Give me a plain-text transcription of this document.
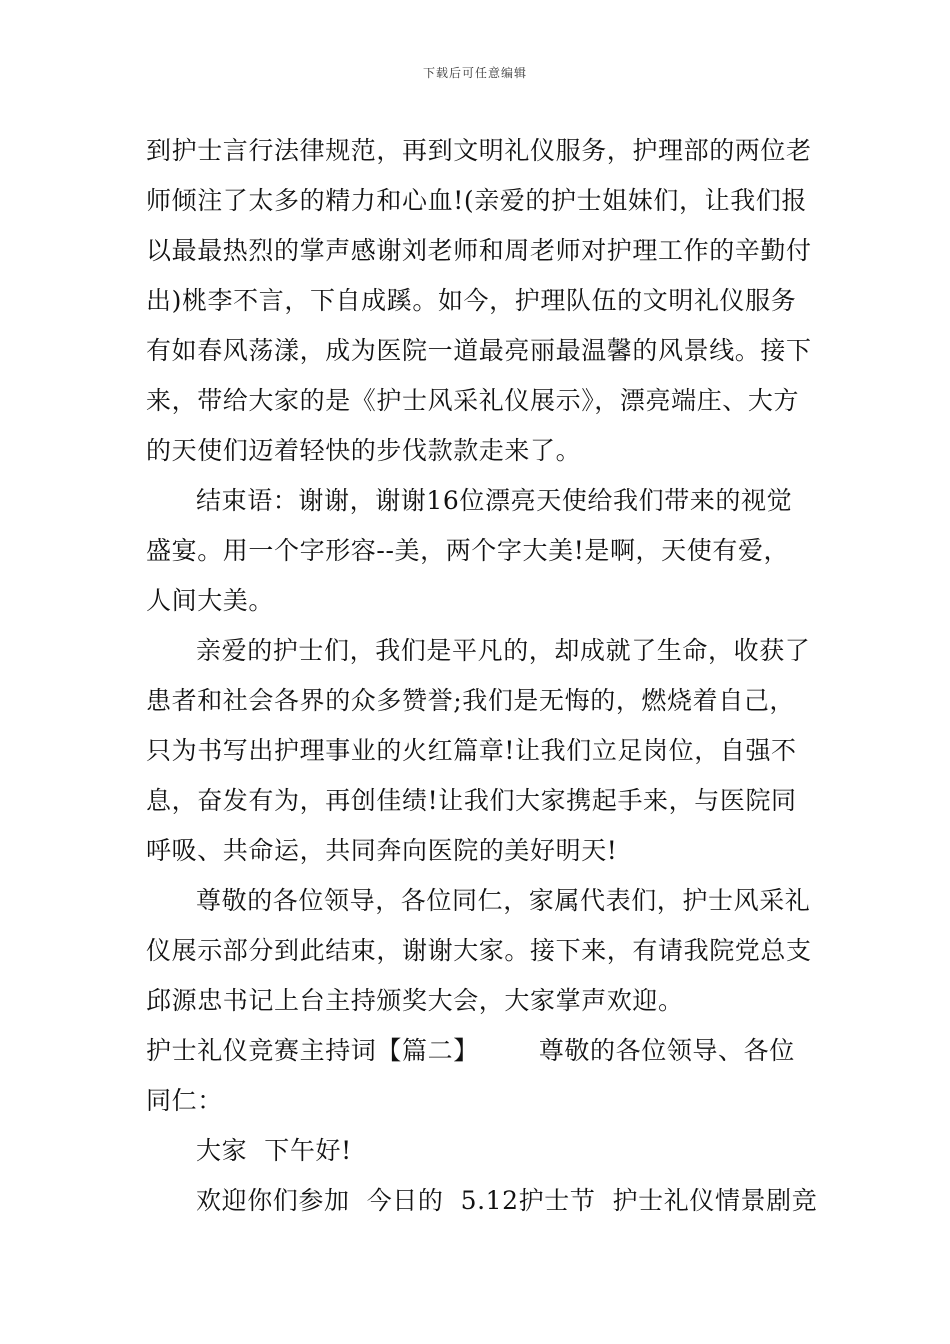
下载后可任意编辑

到护士言行法律规范，再到文明礼仪服务，护理部的两位老师倾注了太多的精力和心血!(亲爱的护士姐妹们，让我们报以最最热烈的掌声感谢刘老师和周老师对护理工作的辛勤付出)桃李不言，下自成蹊。如今，护理队伍的文明礼仪服务有如春风荡漾，成为医院一道最亮丽最温馨的风景线。接下来，带给大家的是《护士风采礼仪展示》，漂亮端庄、大方的天使们迈着轻快的步伐款款走来了。

结束语：谢谢，谢谢16位漂亮天使给我们带来的视觉盛宴。用一个字形容--美，两个字大美!是啊，天使有爱，人间大美。

亲爱的护士们，我们是平凡的，却成就了生命，收获了患者和社会各界的众多赞誉;我们是无悔的，燃烧着自己，只为书写出护理事业的火红篇章!让我们立足岗位，自强不息，奋发有为，再创佳绩!让我们大家携起手来，与医院同呼吸、共命运，共同奔向医院的美好明天!

尊敬的各位领导，各位同仁，家属代表们，护士风采礼仪展示部分到此结束，谢谢大家。接下来，有请我院党总支邱源忠书记上台主持颁奖大会，大家掌声欢迎。

护士礼仪竞赛主持词【篇二】 尊敬的各位领导、各位

同仁：

大家  下午好!

欢迎你们参加  今日的  5.12护士节  护士礼仪情景剧竞
